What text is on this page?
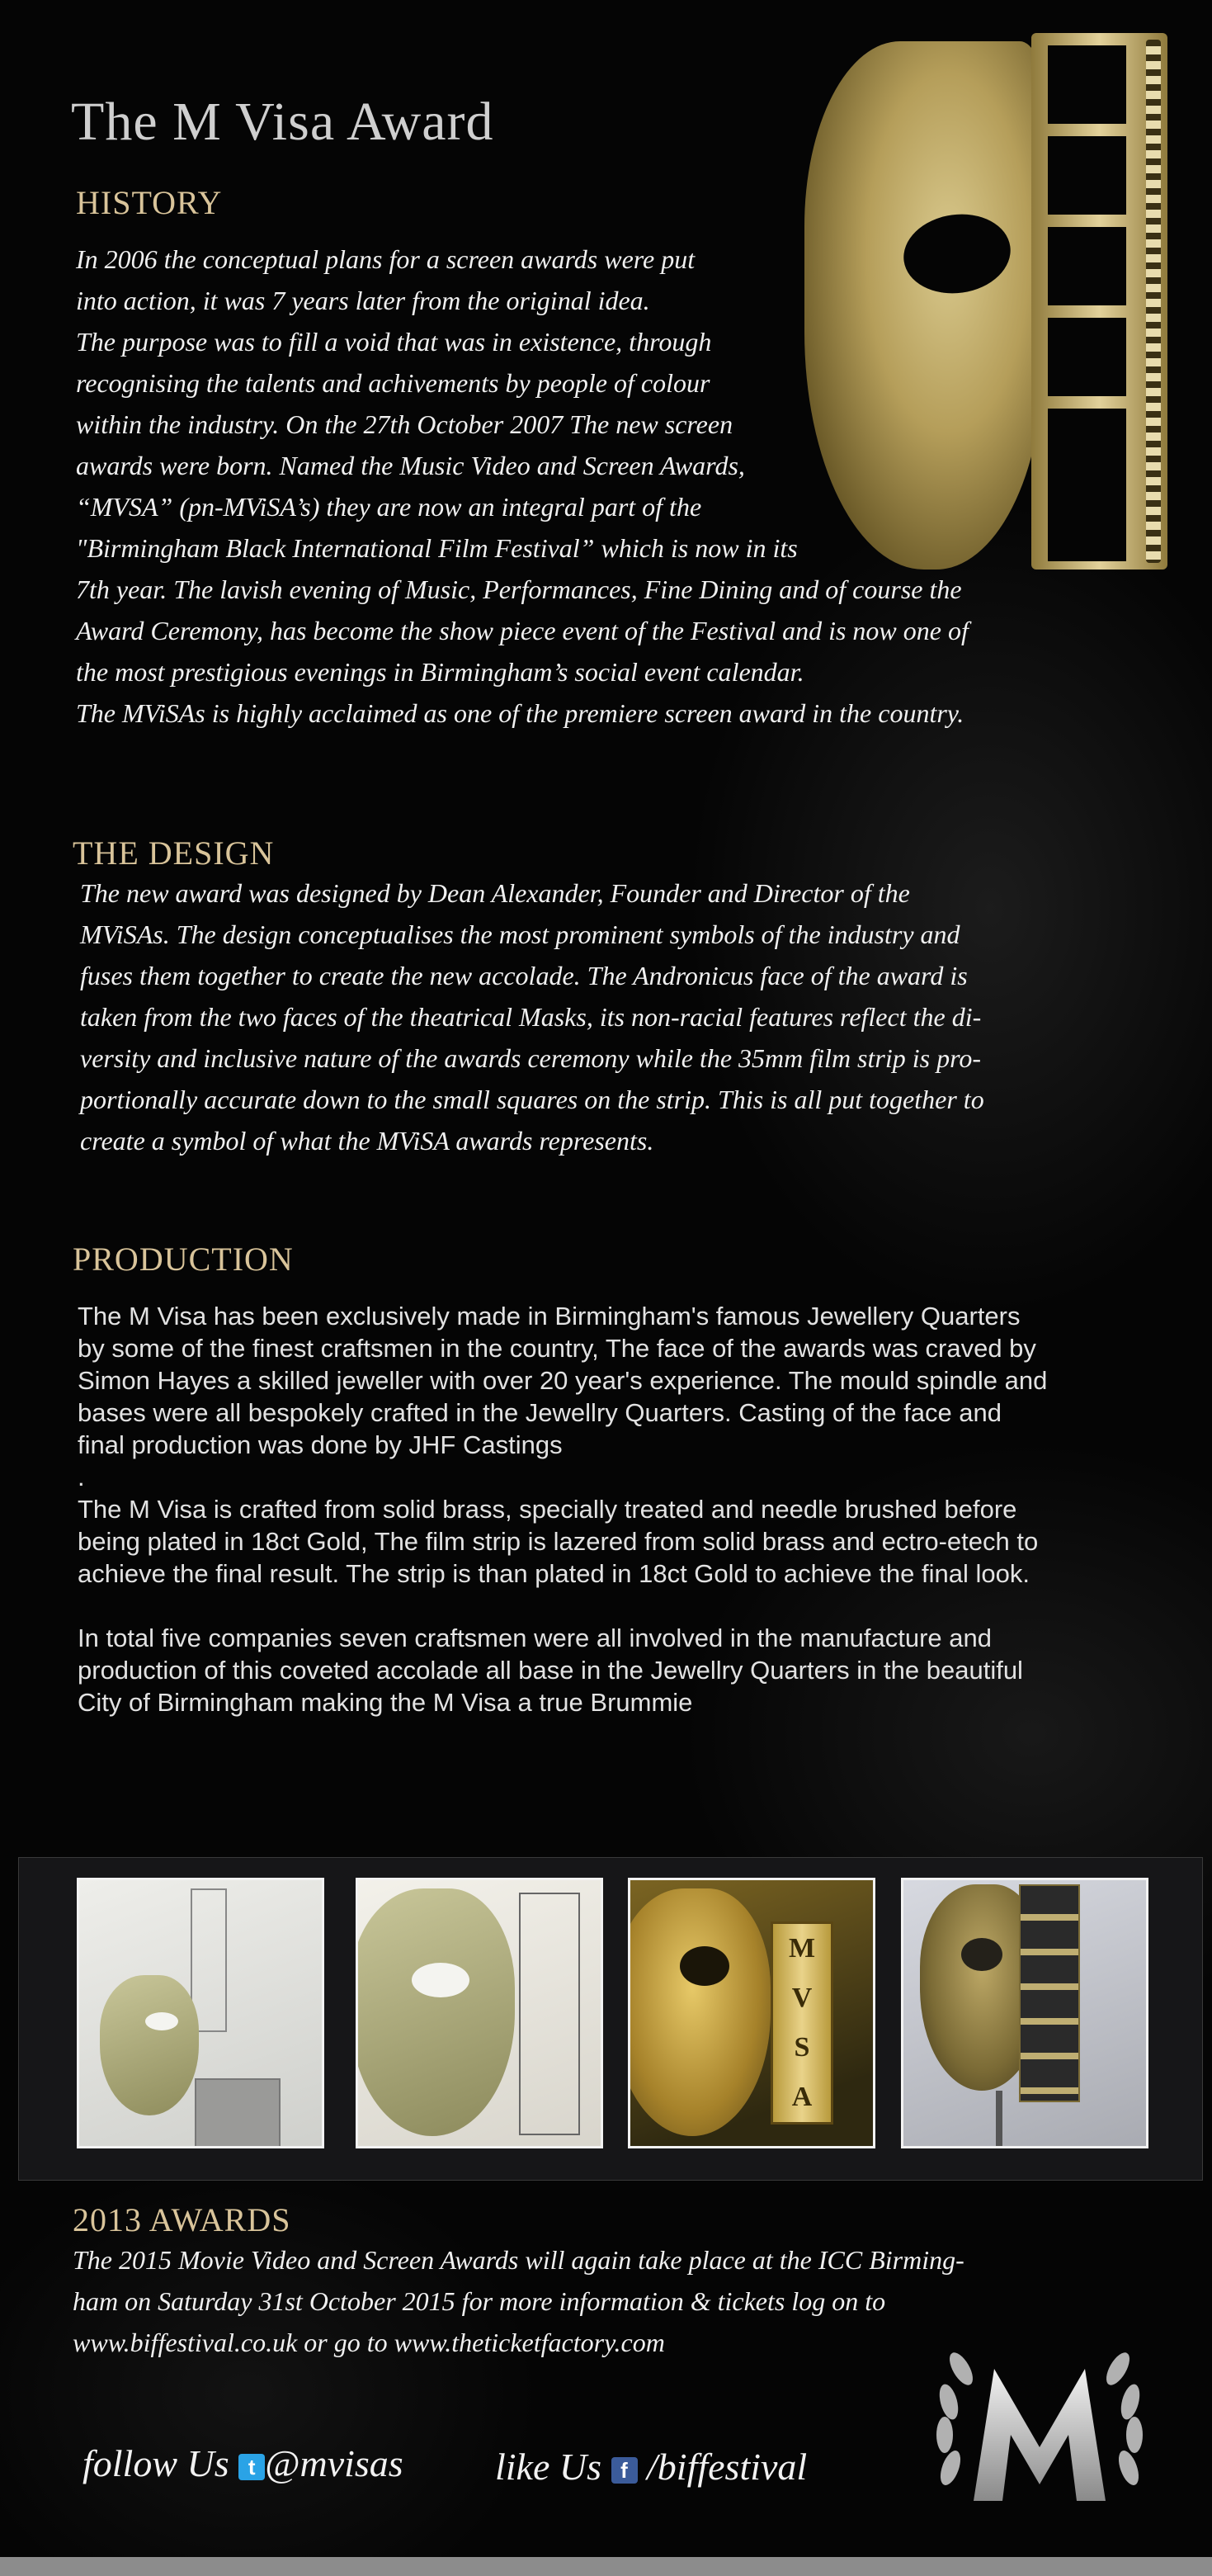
The M Visa Award
HISTORY
In 2006 the conceptual plans for a screen awards were put
into action, it was 7 years later from the original idea.
The purpose was to fill a void that was in existence, through
recognising the talents and achivements by people of colour
within the industry. On the 27th October 2007 The new screen
awards were born. Named the Music Video and Screen Awards,
“MVSA” (pn-MViSA’s) they are now an integral part of the
"Birmingham Black International Film Festival” which is now in its
7th year. The lavish evening of Music, Performances, Fine Dining and of course the
Award Ceremony, has become the show piece event of the Festival and is now one of
the most prestigious evenings in Birmingham’s social event calendar.
The MViSAs is highly acclaimed as one of the premiere screen award in the country.
THE DESIGN
The new award was designed by Dean Alexander, Founder and Director of the
MViSAs. The design conceptualises the most prominent symbols of the industry and
fuses them together to create the new accolade. The Andronicus face of the award is
taken from the two faces of the theatrical Masks, its non-racial features reflect the di-
versity and inclusive nature of the awards ceremony while the 35mm film strip is pro-
portionally accurate down to the small squares on the strip. This is all put together to
create a symbol of what the MViSA awards represents.
PRODUCTION
The M Visa has been exclusively made in Birmingham's famous Jewellery Quarters
by some of the finest craftsmen in the country, The face of the awards was craved by
Simon Hayes a skilled jeweller with over 20 year's experience. The mould spindle and
bases were all bespokely crafted in the Jewellry Quarters. Casting of the face and
final production was done by JHF Castings
.
The M Visa is crafted from solid brass, specially treated and needle brushed before
being plated in 18ct Gold, The film strip is lazered from solid brass and ectro-etech to
achieve the final result. The strip is than plated in 18ct Gold to achieve the final look.
In total five companies seven craftsmen were all involved in the manufacture and
production of this coveted accolade all base in the Jewellry Quarters in the beautiful
City of Birmingham making the M Visa a true Brummie
M
V
S
A
2013 AWARDS
The 2015 Movie Video and Screen Awards will again take place at the ICC Birming-
ham on Saturday 31st October 2015 for more information & tickets log on to
www.biffestival.co.uk or go to www.theticketfactory.com
follow Us t @mvisas like Us f /biffestival
